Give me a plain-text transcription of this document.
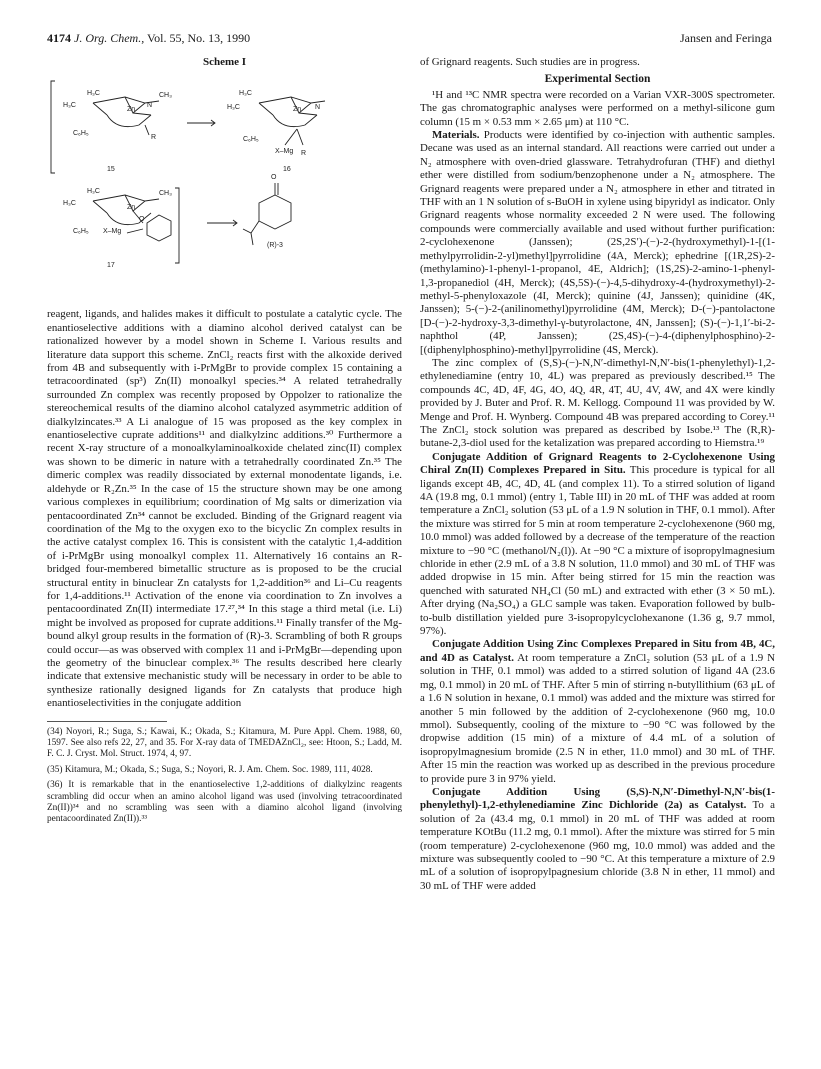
4174 J. Org. Chem., Vol. 55, No. 13, 1990	Jansen and Feringa
Scheme I
H₃C
H₃C
CH₃
Zn
N
R
C₆H₅
15
H₃C
H₃C	Zn N
C₆H₅
X–Mg R
16
H₃C
H₃C
CH₃
Zn
O
C₆H₅ X–Mg
17
O
(R)-3

reagent, ligands, and halides makes it difficult to postulate a catalytic cycle. The enantioselective additions with a diamino alcohol derived catalyst can be rationalized however by a model shown in Scheme I. Various results and literature data support this scheme. ZnCl₂ reacts first with the alkoxide derived from 4B and subsequently with i-PrMgBr to provide complex 15 containing a tetracoordinated (sp³) Zn(II) monoalkyl species.³⁴ A related tetrahedrally surrounded Zn complex was recently proposed by Oppolzer to rationalize the stereochemical results of the diamino alcohol catalyzed asymmetric addition of dialkylzincates.³³ A Li analogue of 15 was proposed as the key complex in enantioselective cuprate additions¹¹ and dialkylzinc additions.³⁰ Furthermore a recent X-ray structure of a monoalkylaminoalkoxide chelated zinc(II) complex was shown to be dimeric in nature with a tetrahedrally coordinated Zn.³⁵ The dimeric complex was readily dissociated by external monodentate ligands, i.e. aldehyde or R₂Zn.³⁵ In the case of 15 the structure shown may be one among various complexes in equilibrium; coordination of Mg salts or dimerization via pentacoordinated Zn³⁴ cannot be excluded. Binding of the Grignard reagent via coordination of the Mg to the oxygen exo to the bicyclic Zn complex results in the active catalyst complex 16. This is consistent with the catalytic 1,4-addition of i-PrMgBr using monoalkyl complex 11. Alternatively 16 contains an R-bridged four-membered bimetallic structure as is proposed to be the crucial structural entity in binuclear Zn catalysts for 1,2-addition³⁶ and Li–Cu reagents for 1,4-additions.¹¹ Activation of the enone via coordination to Zn involves a pentacoordinated Zn(II) intermediate 17.²⁷,³⁴ In this stage a third metal (i.e. Li) might be involved as proposed for cuprate additions.¹¹ Finally transfer of the Mg-bound alkyl group results in the formation of (R)-3. Scrambling of both R groups could occur—as was observed with complex 11 and i-PrMgBr—depending upon the geometry of the binuclear complex.³⁶ The results described here clearly indicate that extensive mechanistic study will be necessary in order to be able to synthesize rationally designed ligands for Zn catalysts that produce high enantioselectivities in the conjugate addition

(34) Noyori, R.; Suga, S.; Kawai, K.; Okada, S.; Kitamura, M. Pure Appl. Chem. 1988, 60, 1597. See also refs 22, 27, and 35. For X-ray data of TMEDAZnCl₂, see: Htoon, S.; Ladd, M. F. C. J. Cryst. Mol. Struct. 1974, 4, 97.

(35) Kitamura, M.; Okada, S.; Suga, S.; Noyori, R. J. Am. Chem. Soc. 1989, 111, 4028.

(36) It is remarkable that in the enantioselective 1,2-additions of dialkylzinc reagents scrambling did occur when an amino alcohol ligand was used (involving tetracoordinated Zn(II))³⁴ and no scrambling was seen with a diamino alcohol ligand (involving pentacoordinated Zn(II)).³³

of Grignard reagents. Such studies are in progress.

Experimental Section

¹H and ¹³C NMR spectra were recorded on a Varian VXR-300S spectrometer. The gas chromatographic analyses were performed on a methyl-silicone gum column (15 m × 0.53 mm × 2.65 μm) at 110 °C.

Materials. Products were identified by co-injection with authentic samples. Decane was used as an internal standard. All reactions were carried out under a N₂ atmosphere with oven-dried glassware. Tetrahydrofuran (THF) and diethyl ether were distilled from sodium/benzophenone under a N₂ atmosphere. The Grignard reagents were prepared under a N₂ atmosphere in ether and titrated in THF with an 1 N solution of s-BuOH in xylene using bipyridyl as indicator. Only Grignard reagents whose normality exceeded 2 N were used. The following compounds were commercially available and used without further purification: 2-cyclohexenone (Janssen); (2S,2S′)-(−)-2-(hydroxymethyl)-1-[(1-methylpyrrolidin-2-yl)methyl]pyrrolidine (4A, Merck); ephedrine [(1R,2S)-2-(methylamino)-1-phenyl-1-propanol, 4E, Aldrich]; (1S,2S)-2-amino-1-phenyl-1,3-propanediol (4H, Merck); (4S,5S)-(−)-4,5-dihydroxy-4-(hydroxymethyl)-2-methyl-5-phenyloxazole (4I, Merck); quinine (4J, Janssen); quinidine (4K, Janssen); 5-(−)-2-(anilinomethyl)pyrrolidine (4M, Merck); D-(−)-pantolactone [D-(−)-2-hydroxy-3,3-dimethyl-γ-butyrolactone, 4N, Janssen]; (S)-(−)-1,1′-bi-2-naphthol (4P, Janssen); (2S,4S)-(−)-4-(diphenylphosphino)-2-[(diphenylphosphino)-methyl]pyrrolidine (4S, Merck).

The zinc complex of (S,S)-(−)-N,N′-dimethyl-N,N′-bis(1-phenylethyl)-1,2-ethylenediamine (entry 10, 4L) was prepared as previously described.¹⁵ The compounds 4C, 4D, 4F, 4G, 4O, 4Q, 4R, 4T, 4U, 4V, 4W, and 4X were kindly provided by J. Buter and Prof. R. M. Kellogg. Compound 11 was provided by W. Menge and Prof. H. Wynberg. Compound 4B was prepared according to Corey.¹¹ The ZnCl₂ stock solution was prepared as described by Isobe.¹³ The (R,R)-butane-2,3-diol used for the ketalization was prepared according to Hiemstra.¹⁹

Conjugate Addition of Grignard Reagents to 2-Cyclohexenone Using Chiral Zn(II) Complexes Prepared in Situ. This procedure is typical for all ligands except 4B, 4C, 4D, 4L (and complex 11). To a stirred solution of ligand 4A (19.8 mg, 0.1 mmol) (entry 1, Table III) in 20 mL of THF was added at room temperature a ZnCl₂ solution (53 μL of a 1.9 N solution in THF, 0.1 mmol). After the mixture was stirred for 5 min at room temperature 2-cyclohexenone (960 mg, 10.0 mmol) was added followed by a decrease of the temperature of the reaction mixture to −90 °C (methanol/N₂(l)). At −90 °C a mixture of isopropylmagnesium chloride in ether (2.9 mL of a 3.8 N solution, 11.0 mmol) and 30 mL of THF was added dropwise in 15 min. After being stirred for 15 min the reaction was quenched with saturated NH₄Cl (50 mL) and extracted with ether (3 × 50 mL). After drying (Na₂SO₄) a GLC sample was taken. Evaporation followed by bulb-to-bulb distillation yielded pure 3-isopropylcyclohexanone (1.36 g, 9.7 mmol, 97%).

Conjugate Addition Using Zinc Complexes Prepared in Situ from 4B, 4C, and 4D as Catalyst. At room temperature a ZnCl₂ solution (53 μL of a 1.9 N solution in THF, 0.1 mmol) was added to a stirred solution of ligand 4A (23.6 mg, 0.1 mmol) in 20 mL of THF. After 5 min of stirring n-butyllithium (63 μL of a 1.6 N solution in hexane, 0.1 mmol) was added and the mixture was stirred for another 5 min followed by the addition of 2-cyclohexenone (960 mg, 10.0 mmol). Subsequently, cooling of the mixture to −90 °C was followed by the dropwise addition (15 min) of a mixture of 4.4 mL of a solution of isopropylmagnesium bromide (2.5 N in ether, 11.0 mmol) and 30 mL of THF. After 15 min the reaction was worked up as described in the previous procedure to provide pure 3 in 97% yield.

Conjugate Addition Using (S,S)-N,N′-Dimethyl-N,N′-bis(1-phenylethyl)-1,2-ethylenediamine Zinc Dichloride (2a) as Catalyst. To a solution of 2a (43.4 mg, 0.1 mmol) in 20 mL of THF was added at room temperature KOtBu (11.2 mg, 0.1 mmol). After the mixture was stirred for 5 min (room temperature) 2-cyclohexenone (960 mg, 10.0 mmol) was added and the mixture was subsequently cooled to −90 °C. At this temperature a mixture of 2.9 mL of a solution of isopropylpagnesium chloride (3.8 N in ether, 11 mmol) and 30 mL of THF were added
